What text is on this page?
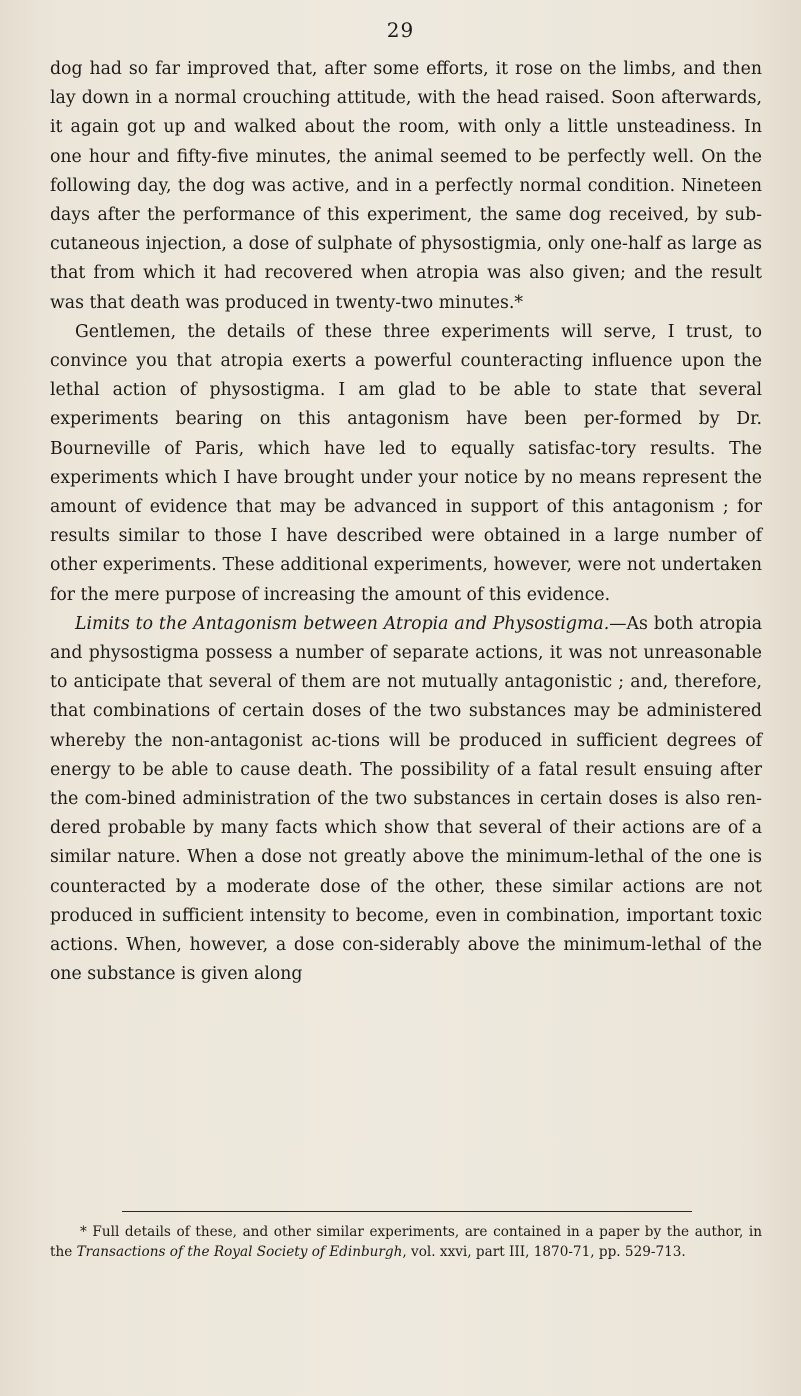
29

dog had so far improved that, after some efforts, it rose on the limbs, and then lay down in a normal crouching attitude, with the head raised. Soon afterwards, it again got up and walked about the room, with only a little unsteadiness. In one hour and fifty-five minutes, the animal seemed to be perfectly well. On the following day, the dog was active, and in a perfectly normal condition. Nineteen days after the performance of this experiment, the same dog received, by sub-cutaneous injection, a dose of sulphate of physostigmia, only one-half as large as that from which it had recovered when atropia was also given; and the result was that death was produced in twenty-two minutes.*

Gentlemen, the details of these three experiments will serve, I trust, to convince you that atropia exerts a powerful counteracting influence upon the lethal action of physostigma. I am glad to be able to state that several experiments bearing on this antagonism have been per-formed by Dr. Bourneville of Paris, which have led to equally satisfac-tory results. The experiments which I have brought under your notice by no means represent the amount of evidence that may be advanced in support of this antagonism ; for results similar to those I have described were obtained in a large number of other experiments. These additional experiments, however, were not undertaken for the mere purpose of increasing the amount of this evidence.

Limits to the Antagonism between Atropia and Physostigma.—As both atropia and physostigma possess a number of separate actions, it was not unreasonable to anticipate that several of them are not mutually antagonistic ; and, therefore, that combinations of certain doses of the two substances may be administered whereby the non-antagonist ac-tions will be produced in sufficient degrees of energy to be able to cause death. The possibility of a fatal result ensuing after the com-bined administration of the two substances in certain doses is also ren-dered probable by many facts which show that several of their actions are of a similar nature. When a dose not greatly above the minimum-lethal of the one is counteracted by a moderate dose of the other, these similar actions are not produced in sufficient intensity to become, even in combination, important toxic actions. When, however, a dose con-siderably above the minimum-lethal of the one substance is given along

* Full details of these, and other similar experiments, are contained in a paper by the author, in the Transactions of the Royal Society of Edinburgh, vol. xxvi, part III, 1870-71, pp. 529-713.
